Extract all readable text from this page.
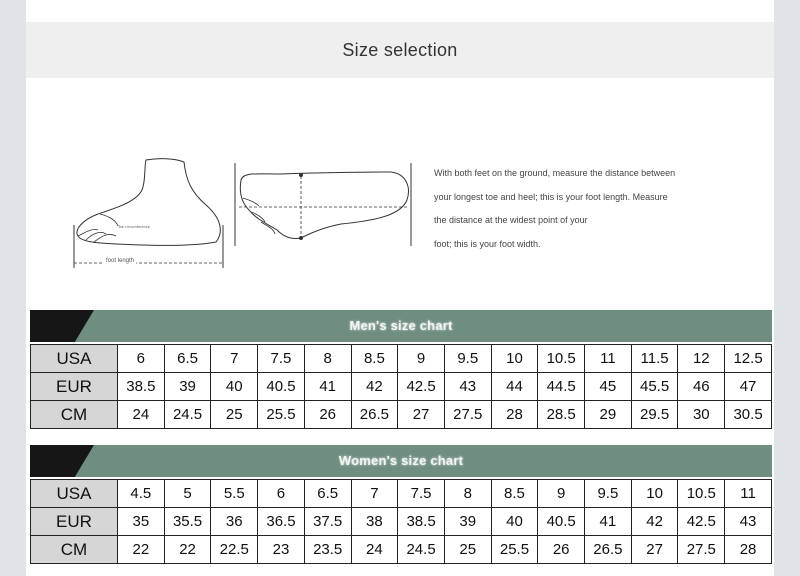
Size selection
Toe circumference
foot length
With both feet on the ground, measure the distance between
your longest toe and heel; this is your foot length. Measure
the distance at the widest point of your
foot; this is your foot width.
Men's size chart
USA	6	6.5	7	7.5	8	8.5	9	9.5	10	10.5	11	11.5	12	12.5
EUR	38.5	39	40	40.5	41	42	42.5	43	44	44.5	45	45.5	46	47
CM	24	24.5	25	25.5	26	26.5	27	27.5	28	28.5	29	29.5	30	30.5
Women's size chart
USA	4.5	5	5.5	6	6.5	7	7.5	8	8.5	9	9.5	10	10.5	11
EUR	35	35.5	36	36.5	37.5	38	38.5	39	40	40.5	41	42	42.5	43
CM	22	22	22.5	23	23.5	24	24.5	25	25.5	26	26.5	27	27.5	28
